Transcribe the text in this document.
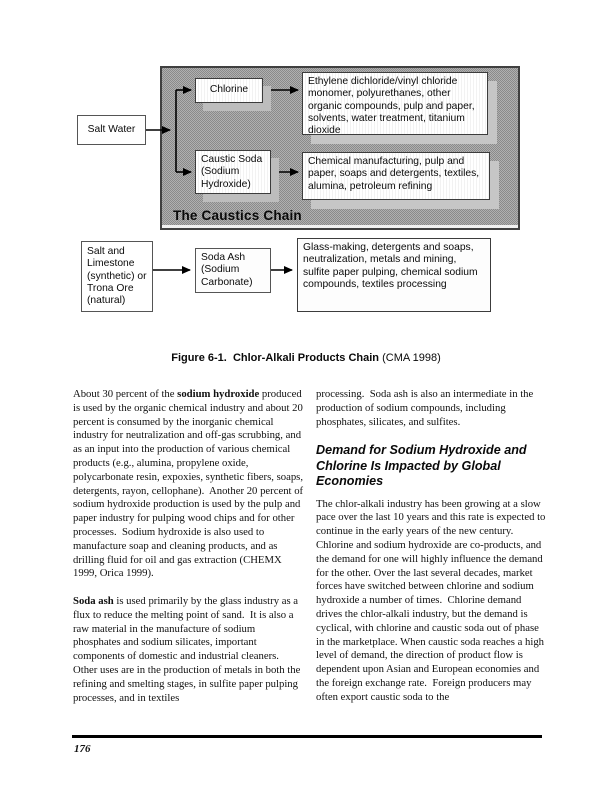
The Caustics Chain
Salt Water
Chlorine
Caustic Soda (Sodium Hydroxide)
Ethylene dichloride/vinyl chloride monomer, polyurethanes, other organic compounds, pulp and paper, solvents, water treatment, titanium dioxide
Chemical manufacturing, pulp and paper, soaps and detergents, textiles, alumina, petroleum refining
Salt and Limestone (synthetic) or Trona Ore (natural)
Soda Ash (Sodium Carbonate)
Glass-making, detergents and soaps, neutralization, metals and mining, sulfite paper pulping, chemical sodium compounds, textiles processing
Figure 6-1.  Chlor-Alkali Products Chain (CMA 1998)

About 30 percent of the sodium hydroxide produced is used by the organic chemical industry and about 20 percent is consumed by the inorganic chemical industry for neutralization and off-gas scrubbing, and as an input into the production of various chemical products (e.g., alumina, propylene oxide, polycarbonate resin, expoxies, synthetic fibers, soaps, detergents, rayon, cellophane).  Another 20 percent of sodium hydroxide production is used by the pulp and paper industry for pulping wood chips and for other processes.  Sodium hydroxide is also used to manufacture soap and cleaning products, and as drilling fluid for oil and gas extraction (CHEMX 1999, Orica 1999).

Soda ash is used primarily by the glass industry as a flux to reduce the melting point of sand.  It is also a raw material in the manufacture of sodium phosphates and sodium silicates, important components of domestic and industrial cleaners. Other uses are in the production of metals in both the refining and smelting stages, in sulfite paper pulping processes, and in textiles

processing.  Soda ash is also an intermediate in the production of sodium compounds, including phosphates, silicates, and sulfites.

Demand for Sodium Hydroxide and Chlorine Is Impacted by Global Economies

The chlor-alkali industry has been growing at a slow pace over the last 10 years and this rate is expected to continue in the early years of the new century.  Chlorine and sodium hydroxide are co-products, and the demand for one will highly influence the demand for the other. Over the last several decades, market forces have switched between chlorine and sodium hydroxide a number of times.  Chlorine demand drives the chlor-alkali industry, but the demand is cyclical, with chlorine and caustic soda out of phase in the marketplace. When caustic soda reaches a high level of demand, the direction of product flow is dependent upon Asian and European economies and the foreign exchange rate.  Foreign producers may often export caustic soda to the

176
